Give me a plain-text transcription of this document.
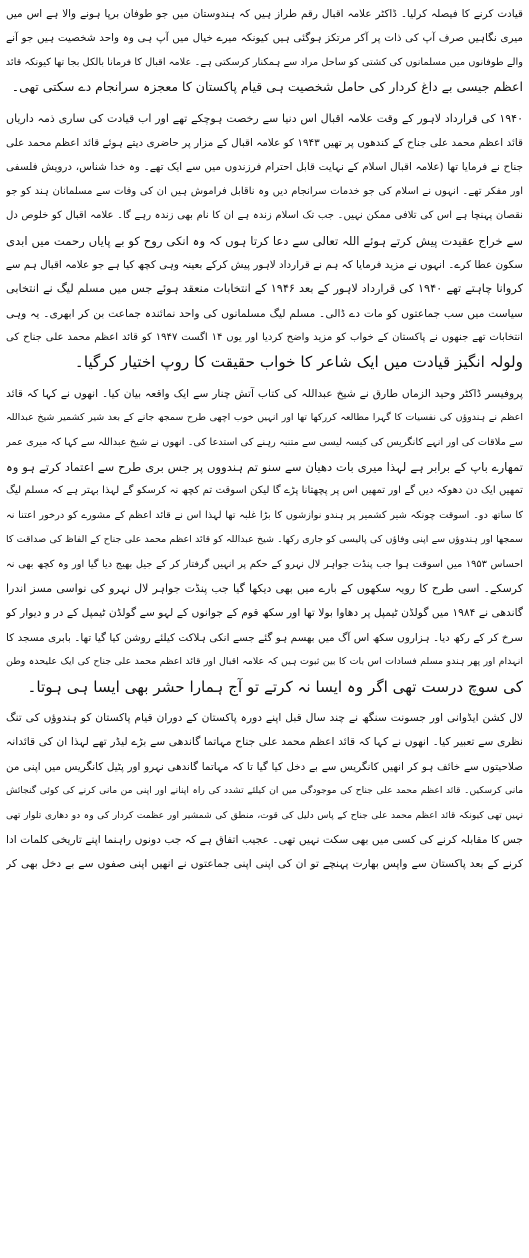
قیادت کرنے کا فیصلہ کرلیا۔ ڈاکٹر علامہ اقبال رقم طراز ہیں کہ ہندوستان میں جو طوفان برپا ہونے والا ہے اس میں
میری نگاہیں صرف آپ کی ذات پر آکر مرتکز ہوگئی ہیں کیونکہ میرے خیال میں آپ ہی وہ واحد شخصیت ہیں جو آنے
والے طوفانوں میں مسلمانوں کی کشتی کو ساحل مراد سے ہمکنار کرسکتی ہے۔ علامہ اقبال کا فرمانا بالکل بجا تھا کیونکہ قائد
اعظم جیسی بے داغ کردار کی حامل شخصیت ہی قیام پاکستان کا معجزہ سرانجام دے سکتی تھی۔
۱۹۴۰ کی قرارداد لاہور کے وقت علامہ اقبال اس دنیا سے رخصت ہوچکے تھے اور اب قیادت کی ساری ذمہ داریاں
قائد اعظم محمد علی جناح کے کندھوں پر تھیں ۱۹۴۳ کو علامہ اقبال کے مزار پر حاضری دیتے ہوئے قائد اعظم محمد علی
جناح نے فرمایا تھا (علامہ اقبال اسلام کے نہایت قابل احترام فرزندوں میں سے ایک تھے۔ وہ خدا شناس، درویش فلسفی
اور مفکر تھے۔ انہوں نے اسلام کی جو خدمات سرانجام دیں وہ ناقابل فراموش ہیں ان کی وفات سے مسلمانان ہند کو جو
نقصان پہنچا ہے اس کی تلافی ممکن نہیں۔ جب تک اسلام زندہ ہے ان کا نام بھی زندہ رہے گا۔ علامہ اقبال کو خلوص دل
سے خراج عقیدت پیش کرتے ہوئے اللہ تعالی سے دعا کرتا ہوں کہ وہ انکی روح کو بے پایاں رحمت میں ابدی
سکون عطا کرے۔ انہوں نے مزید فرمایا کہ ہم نے قرارداد لاہور پیش کرکے بعینہ وہی کچھ کیا ہے جو علامہ اقبال ہم سے
کروانا چاہتے تھے ۱۹۴۰ کی قرارداد لاہور کے بعد ۱۹۴۶ کے انتخابات منعقد ہوئے جس میں مسلم لیگ نے انتخابی
سیاست میں سب جماعتوں کو مات دے ڈالی۔ مسلم لیگ مسلمانوں کی واحد نمائندہ جماعت بن کر ابھری۔ یہ وہی
انتخابات تھے جنھوں نے پاکستان کے خواب کو مزید واضح کردیا اور یوں ۱۴ اگست ۱۹۴۷ کو قائد اعظم محمد علی جناح کی
ولولہ انگیز قیادت میں ایک شاعر کا خواب حقیقت کا روپ اختیار کرگیا۔
پروفیسر ڈاکٹر وحید الزماں طارق نے شیخ عبداللہ کی کتاب آتش چنار سے ایک واقعہ بیان کیا۔ انھوں نے کہا کہ قائد
اعظم نے ہندوؤں کی نفسیات کا گہرا مطالعہ کررکھا تھا اور انہیں خوب اچھی طرح سمجھ جانے کے بعد شیر کشمیر شیخ عبداللہ
سے ملاقات کی اور انہے کانگریس کی کیسہ لیسی سے متنبہ رہنے کی استدعا کی۔ انھوں نے شیخ عبداللہ سے کہا کہ میری عمر
تمھارے باپ کے برابر ہے لہذا میری بات دھیان سے سنو تم ہندووں پر جس بری طرح سے اعتماد کرتے ہو وہ
تمھیں ایک دن دھوکہ دیں گے اور تمھیں اس پر پچھتانا پڑے گا لیکن اسوقت تم کچھ نہ کرسکو گے لہذا بہتر ہے کہ مسلم لیگ
کا ساتھ دو۔ اسوقت چونکہ شیر کشمیر پر ہندو نوازشوں کا بڑا غلبہ تھا لہذا اس نے قائد اعظم کے مشورے کو درخور اعتنا نہ
سمجھا اور ہندوؤں سے اپنی وفاؤں کی پالیسی کو جاری رکھا۔ شیخ عبداللہ کو قائد اعظم محمد علی جناح کے الفاظ کی صداقت کا
احساس ۱۹۵۳ میں اسوقت ہوا جب پنڈت جواہر لال نہرو کے حکم پر انہیں گرفتار کر کے جیل بھیج دیا گیا اور وہ کچھ بھی نہ
کرسکے۔ اسی طرح کا رویہ سکھوں کے بارے میں بھی دیکھا گیا جب پنڈت جواہر لال نہرو کی نواسی مسز اندرا
گاندھی نے ۱۹۸۴ میں گولڈن ٹیمپل پر دھاوا بولا تھا اور سکھ قوم کے جوانوں کے لہو سے گولڈن ٹیمپل کے در و دیوار کو
سرخ کر کے رکھ دیا۔ ہزاروں سکھ اس آگ میں بھسم ہو گئے جسے انکی ہلاکت کیلئے روشن کیا گیا تھا۔ بابری مسجد کا
انہدام اور پھر ہندو مسلم فسادات اس بات کا بین ثبوت ہیں کہ علامہ اقبال اور قائد اعظم محمد علی جناح کی ایک علیحدہ وطن
کی سوچ درست تھی اگر وہ ایسا نہ کرتے تو آج ہمارا حشر بھی ایسا ہی ہوتا۔
لال کشن ایڈوانی اور جسونت سنگھ نے چند سال قبل اپنے دورہ پاکستان کے دوران قیام پاکستان کو ہندوؤں کی تنگ
نظری سے تعبیر کیا۔ انھوں نے کہا کہ قائد اعظم محمد علی جناح مہاتما گاندھی سے بڑے لیڈر تھے لہذا ان کی قائدانہ
صلاحیتوں سے خائف ہو کر انھیں کانگریس سے بے دخل کیا گیا تا کہ مہاتما گاندھی نہرو اور پٹیل کانگریس میں اپنی من
مانی کرسکیں۔ قائد اعظم محمد علی جناح کی موجودگی میں ان کیلئے تشدد کی راہ اپنانے اور اپنی من مانی کرنے کی کوئی گنجائش
نہیں تھی کیونکہ قائد اعظم محمد علی جناح کے پاس دلیل کی قوت، منطق کی شمشیر اور عظمت کردار کی وہ دو دھاری تلوار تھی
جس کا مقابلہ کرنے کی کسی میں بھی سکت نہیں تھی۔ عجیب اتفاق ہے کہ جب دونوں راہنما اپنے تاریخی کلمات ادا
کرنے کے بعد پاکستان سے واپس بھارت پہنچے تو ان کی اپنی اپنی جماعتوں نے انھیں اپنی صفوں سے بے دخل بھی کر
